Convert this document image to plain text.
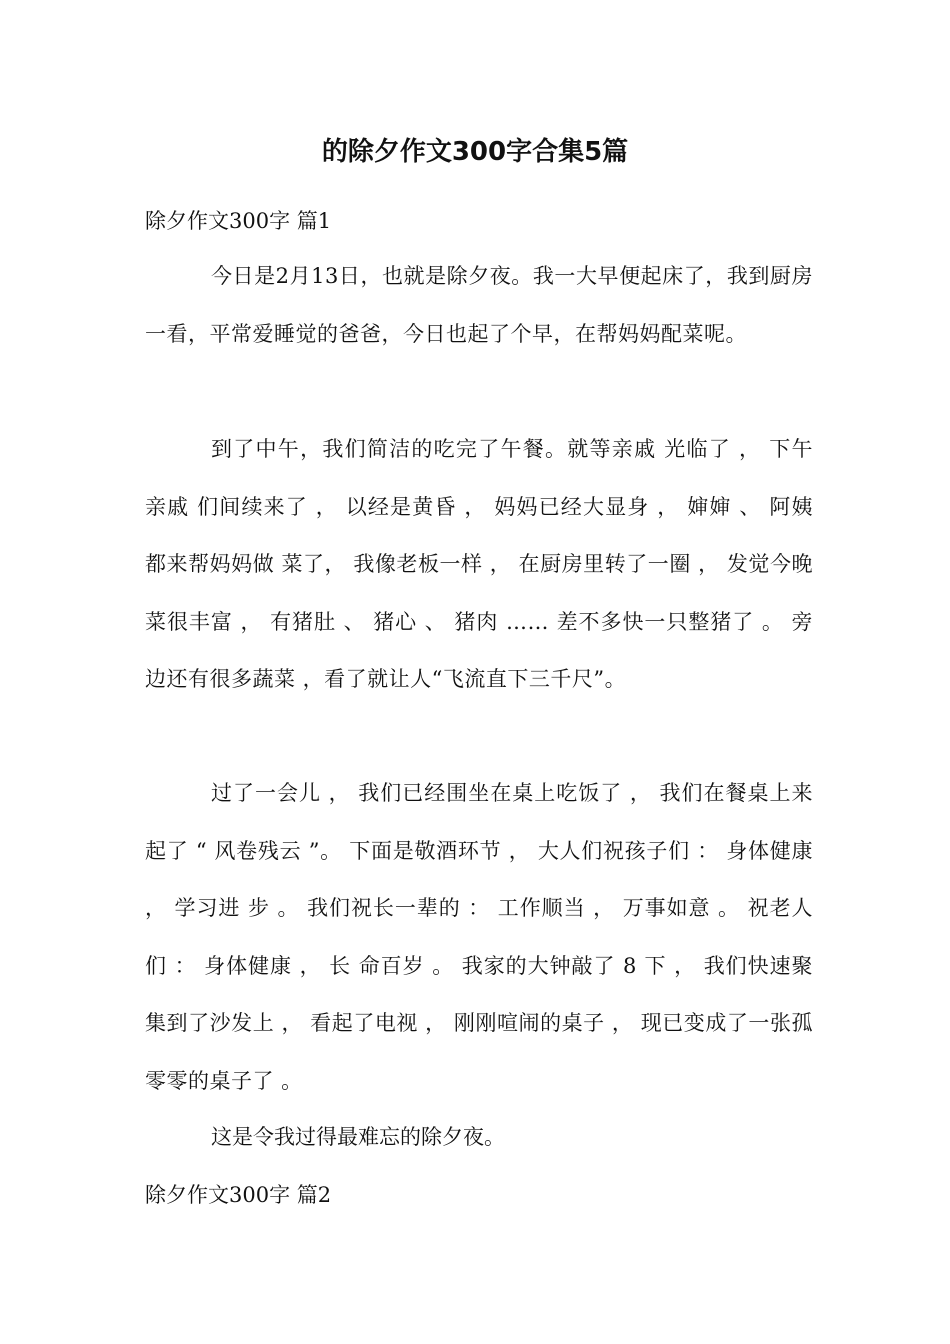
的除夕作文300字合集5篇

除夕作文300字 篇1

今日是2月13日，也就是除夕夜。我一大早便起床了，我到厨房一看，平常爱睡觉的爸爸，今日也起了个早，在帮妈妈配菜呢。

到了中午，我们简洁的吃完了午餐。就等亲戚 光临了 ， 下午亲戚 们间续来了 ， 以经是黄昏 ， 妈妈已经大显身 ， 婶婶 、 阿姨 都来帮妈妈做 菜了， 我像老板一样 ， 在厨房里转了一圈 ， 发觉今晚菜很丰富 ， 有猪肚 、 猪心 、 猪肉 …… 差不多快一只整猪了 。 旁边还有很多蔬菜 ，看了就让人“飞流直下三千尺”。

过了一会儿 ， 我们已经围坐在桌上吃饭了 ， 我们在餐桌上来起了 “ 风卷残云 ”。 下面是敬酒环节 ， 大人们祝孩子们 ： 身体健康 ， 学习进 步 。 我们祝长一辈的 ： 工作顺当 ， 万事如意 。 祝老人们 ： 身体健康 ， 长 命百岁 。 我家的大钟敲了 8 下 ， 我们快速聚集到了沙发上 ， 看起了电视 ， 刚刚喧闹的桌子 ， 现已变成了一张孤零零的桌子了 。

这是令我过得最难忘的除夕夜。

除夕作文300字 篇2
